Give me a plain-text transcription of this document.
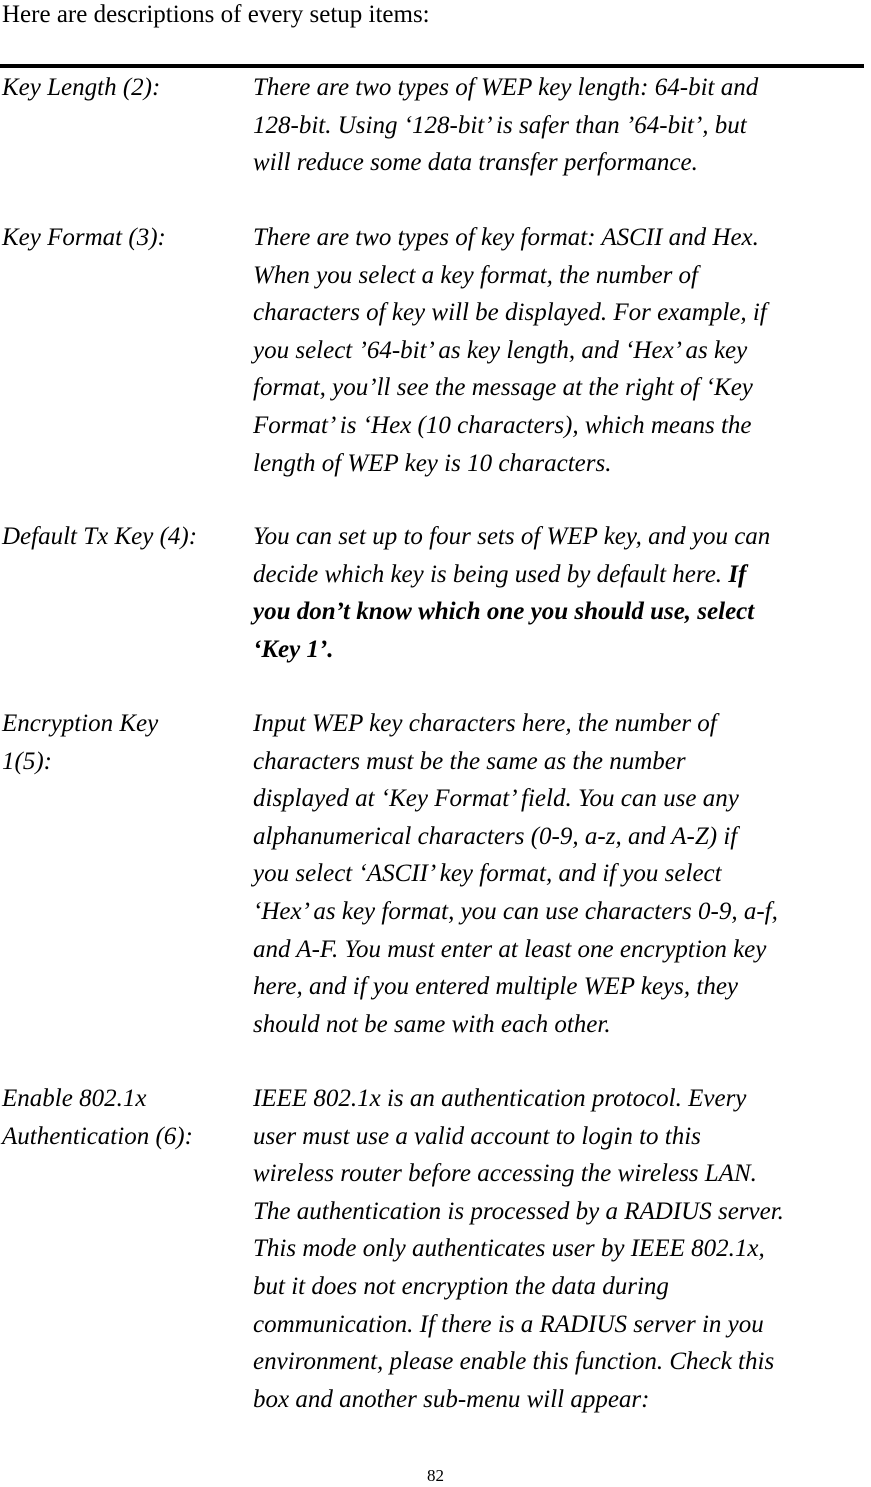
Here are descriptions of every setup items:
Key Length (2):	There are two types of WEP key length: 64-bit and
128-bit. Using ‘128-bit’ is safer than ’64-bit’, but
will reduce some data transfer performance.
Key Format (3):	There are two types of key format: ASCII and Hex.
When you select a key format, the number of
characters of key will be displayed. For example, if
you select ’64-bit’ as key length, and ‘Hex’ as key
format, you’ll see the message at the right of ‘Key
Format’ is ‘Hex (10 characters), which means the
length of WEP key is 10 characters.
Default Tx Key (4): You can set up to four sets of WEP key, and you can
decide which key is being used by default here. If
you don’t know which one you should use, select
‘Key 1’.
Encryption Key
1(5):
Input WEP key characters here, the number of
characters must be the same as the number
displayed at ‘Key Format’ field. You can use any
alphanumerical characters (0-9, a-z, and A-Z) if
you select ‘ASCII’ key format, and if you select
‘Hex’ as key format, you can use characters 0-9, a-f,
and A-F. You must enter at least one encryption key
here, and if you entered multiple WEP keys, they
should not be same with each other.
Enable 802.1x
Authentication (6):
IEEE 802.1x is an authentication protocol. Every
user must use a valid account to login to this
wireless router before accessing the wireless LAN.
The authentication is processed by a RADIUS server.
This mode only authenticates user by IEEE 802.1x,
but it does not encryption the data during
communication. If there is a RADIUS server in you
environment, please enable this function. Check this
box and another sub-menu will appear:
82
